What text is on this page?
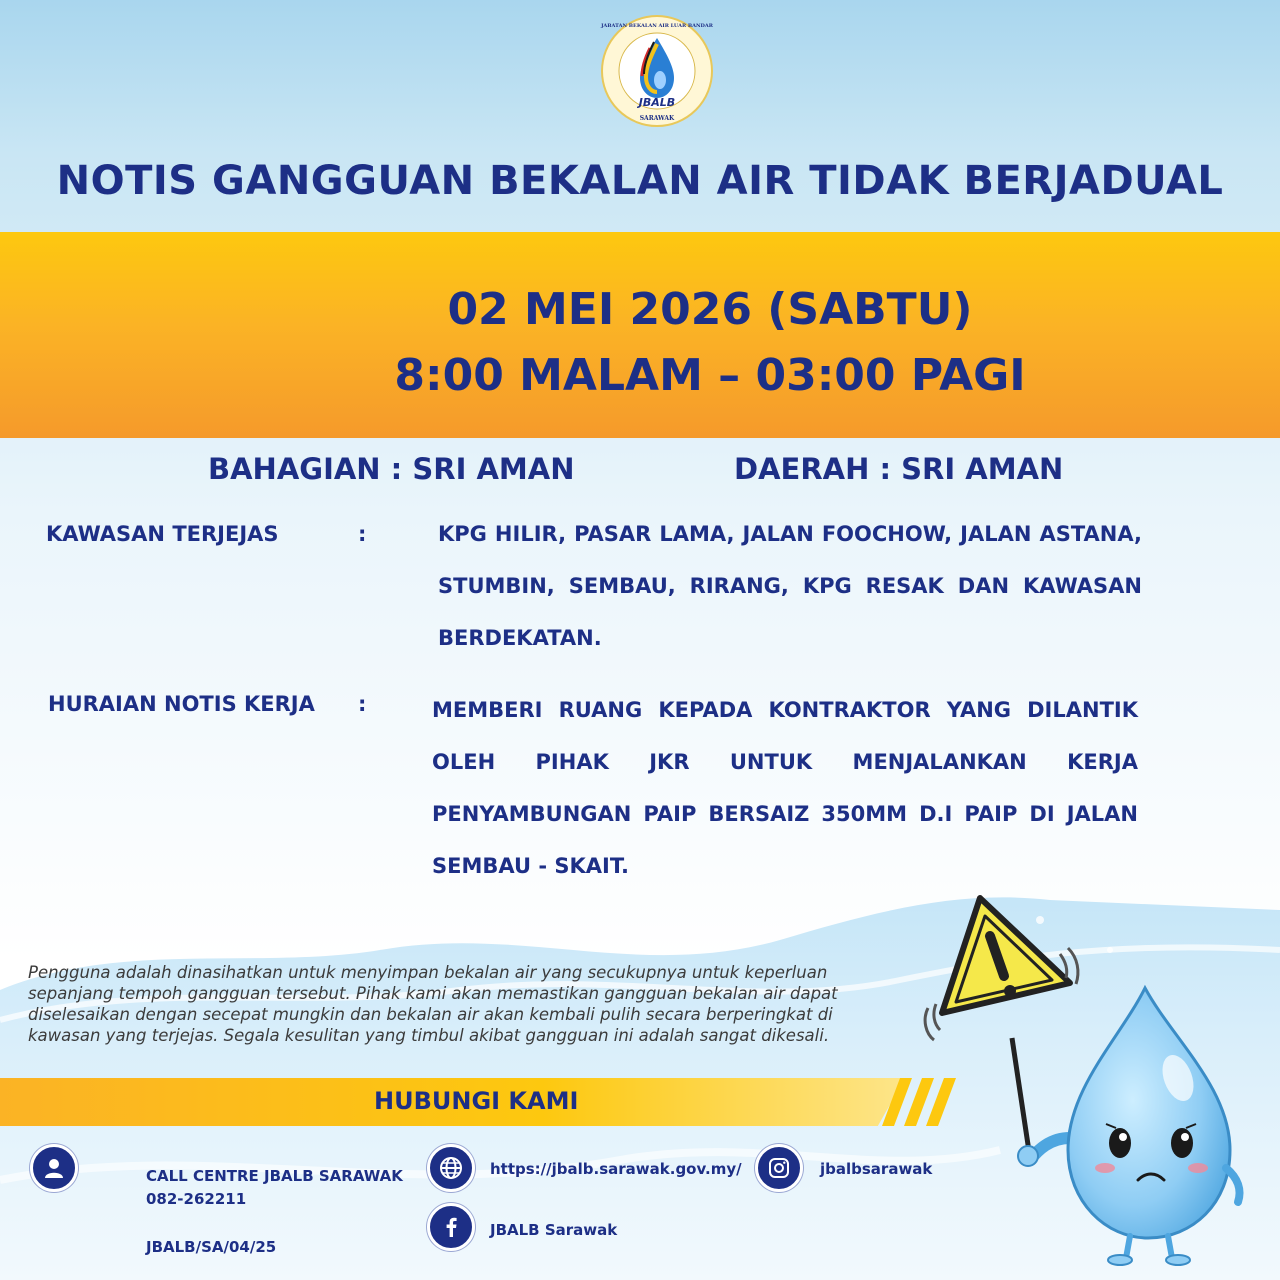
JBALB
SARAWAK
JABATAN BEKALAN AIR LUAR BANDAR
NOTIS GANGGUAN BEKALAN AIR TIDAK BERJADUAL
02 MEI 2026 (SABTU)
8:00 MALAM – 03:00 PAGI
BAHAGIAN : SRI AMAN	DAERAH : SRI AMAN
KAWASAN TERJEJAS	:	KPG HILIR, PASAR LAMA, JALAN FOOCHOW, JALAN ASTANA, STUMBIN, SEMBAU, RIRANG, KPG RESAK DAN KAWASAN BERDEKATAN.
HURAIAN NOTIS KERJA :	MEMBERI RUANG KEPADA KONTRAKTOR YANG DILANTIK OLEH PIHAK JKR UNTUK MENJALANKAN KERJA PENYAMBUNGAN PAIP BERSAIZ 350MM D.I PAIP DI JALAN SEMBAU - SKAIT.
Pengguna adalah dinasihatkan untuk menyimpan bekalan air yang secukupnya untuk keperluan sepanjang tempoh gangguan tersebut. Pihak kami akan memastikan gangguan bekalan air dapat diselesaikan dengan secepat mungkin dan bekalan air akan kembali pulih secara berperingkat di kawasan yang terjejas. Segala kesulitan yang timbul akibat gangguan ini adalah sangat dikesali.
HUBUNGI KAMI
CALL CENTRE JBALB SARAWAK
082-262211
JBALB/SA/04/25
https://jbalb.sarawak.gov.my/
JBALB Sarawak
jbalbsarawak
